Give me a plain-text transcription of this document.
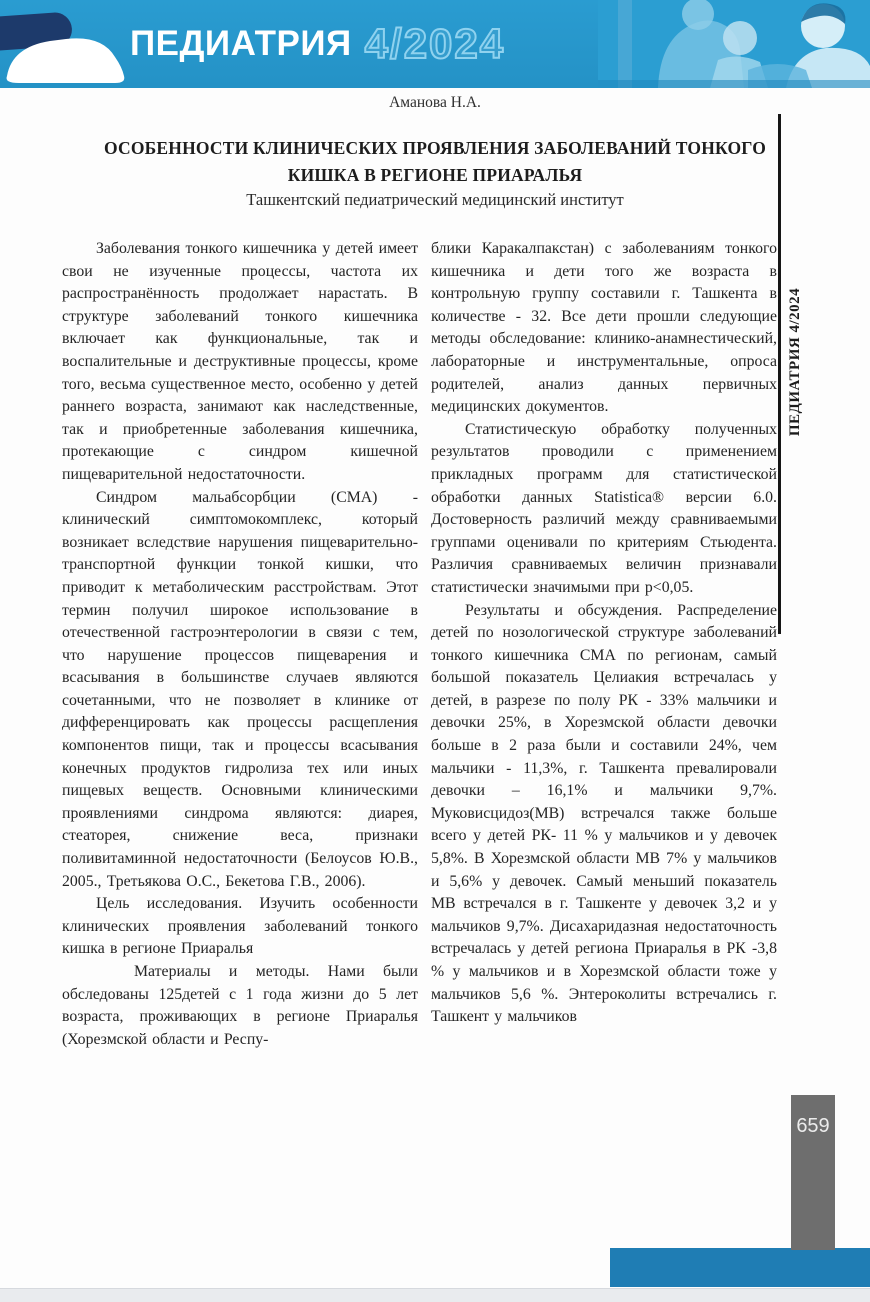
ПЕДИАТРИЯ 4/2024
Аманова Н.А.
ОСОБЕННОСТИ КЛИНИЧЕСКИХ ПРОЯВЛЕНИЯ ЗАБОЛЕВАНИЙ ТОНКОГО КИШКА В РЕГИОНЕ ПРИАРАЛЬЯ
Ташкентский педиатрический медицинский институт

Заболевания тонкого кишечника у детей имеет свои не изученные процессы, частота их распространённость продолжает нарастать. В структуре заболеваний тонкого кишечника включает как функциональные, так и воспалительные и деструктивные процессы, кроме того, весьма существенное место, особенно у детей раннего возраста, занимают как наследственные, так и приобретенные заболевания кишечника, протекающие с синдром кишечной пищеварительной недостаточности.

Синдром мальабсорбции (СМА) - клинический симптомокомплекс, который возникает вследствие нарушения пищеварительно-транспортной функции тонкой кишки, что приводит к метаболическим расстройствам. Этот термин получил широкое использование в отечественной гастроэнтерологии в связи с тем, что нарушение процессов пищеварения и всасывания в большинстве случаев являются сочетанными, что не позволяет в клинике от дифференцировать как процессы расщепления компонентов пищи, так и процессы всасывания конечных продуктов гидролиза тех или иных пищевых веществ. Основными клиническими проявлениями синдрома являются: диарея, стеаторея, снижение веса, признаки поливитаминной недостаточности (Белоусов Ю.В., 2005., Третьякова О.С., Бекетова Г.В., 2006).

Цель исследования. Изучить особенности клинических проявления заболеваний тонкого кишка в регионе Приаралья

Материалы и методы. Нами были обследованы 125детей с 1 года жизни до 5 лет возраста, проживающих в регионе Приаралья (Хорезмской области и Респу-

блики Каракалпакстан) с заболеваниям тонкого кишечника и дети того же возраста в контрольную группу составили г. Ташкента в количестве - 32. Все дети прошли следующие методы обследование: клинико-анамнестический, лабораторные и инструментальные, опроса родителей, анализ данных первичных медицинских документов.

Статистическую обработку полученных результатов проводили с применением прикладных программ для статистической обработки данных Statistica® версии 6.0. Достоверность различий между сравниваемыми группами оценивали по критериям Стьюдента. Различия сравниваемых величин признавали статистически значимыми при р<0,05.

Результаты и обсуждения. Распределение детей по нозологической структуре заболеваний тонкого кишечника СМА по регионам, самый большой показатель Целиакия встречалась у детей, в разрезе по полу РК - 33% мальчики и девочки 25%, в Хорезмской области девочки больше в 2 раза были и составили 24%, чем мальчики - 11,3%, г. Ташкента превалировали девочки – 16,1% и мальчики 9,7%. Муковисцидоз(МВ) встречался также больше всего у детей РК- 11 % у мальчиков и у девочек 5,8%. В Хорезмской области МВ 7% у мальчиков и 5,6% у девочек. Самый меньший показатель МВ встречался в г. Ташкенте у девочек 3,2 и у мальчиков 9,7%. Дисахаридазная недостаточность встречалась у детей региона Приаралья в РК -3,8 % у мальчиков и в Хорезмской области тоже у мальчиков 5,6 %. Энтероколиты встречались г. Ташкент у мальчиков

ПЕДИАТРИЯ 4/2024
659
